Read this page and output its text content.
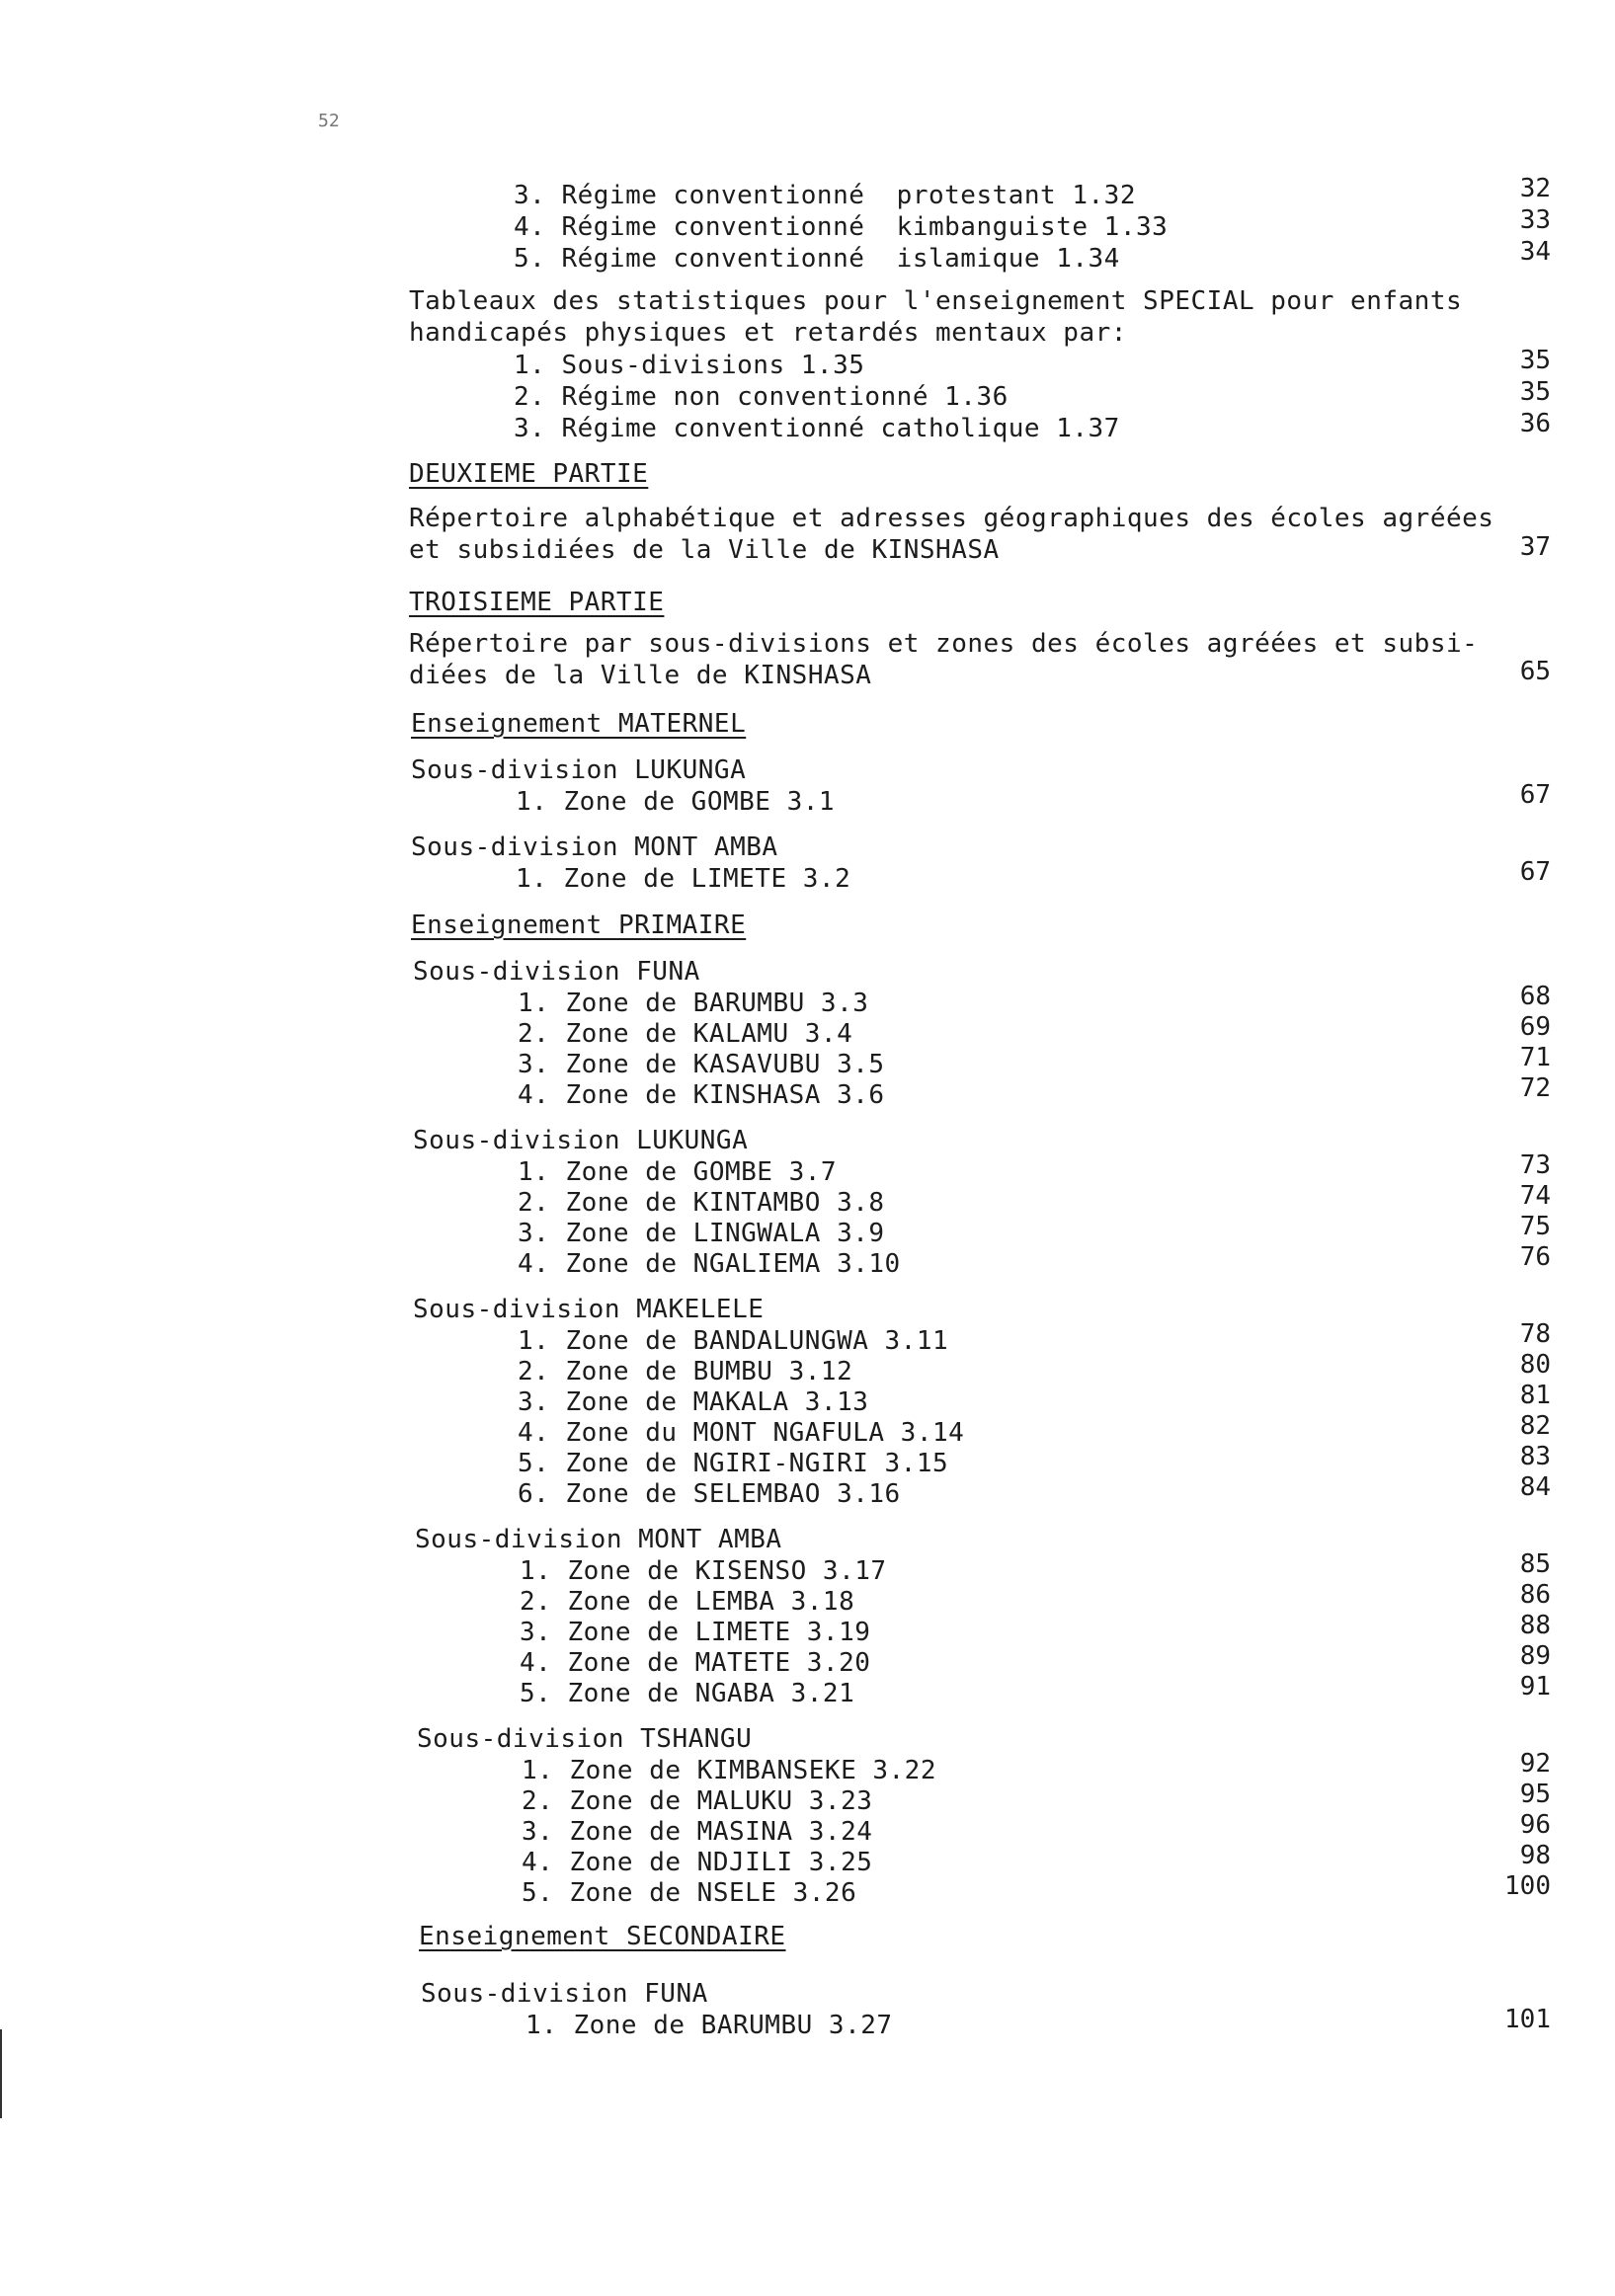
52
3. Régime conventionné  protestant 1.32	32
4. Régime conventionné  kimbanguiste 1.33	33
5. Régime conventionné  islamique 1.34	34
Tableaux des statistiques pour l'enseignement SPECIAL pour enfants
handicapés physiques et retardés mentaux par:
1. Sous-divisions 1.35	35
2. Régime non conventionné 1.36	35
3. Régime conventionné catholique 1.37	36
DEUXIEME PARTIE
Répertoire alphabétique et adresses géographiques des écoles agréées
et subsidiées de la Ville de KINSHASA	37
TROISIEME PARTIE
Répertoire par sous-divisions et zones des écoles agréées et subsi-
diées de la Ville de KINSHASA	65
Enseignement MATERNEL
Sous-division LUKUNGA
1. Zone de GOMBE 3.1	67
Sous-division MONT AMBA
1. Zone de LIMETE 3.2	67
Enseignement PRIMAIRE
Sous-division FUNA
1. Zone de BARUMBU 3.3	68
2. Zone de KALAMU 3.4	69
3. Zone de KASAVUBU 3.5	71
4. Zone de KINSHASA 3.6	72
Sous-division LUKUNGA
1. Zone de GOMBE 3.7	73
2. Zone de KINTAMBO 3.8	74
3. Zone de LINGWALA 3.9	75
4. Zone de NGALIEMA 3.10	76
Sous-division MAKELELE
1. Zone de BANDALUNGWA 3.11	78
2. Zone de BUMBU 3.12	80
3. Zone de MAKALA 3.13	81
4. Zone du MONT NGAFULA 3.14	82
5. Zone de NGIRI-NGIRI 3.15	83
6. Zone de SELEMBAO 3.16	84
Sous-division MONT AMBA
1. Zone de KISENSO 3.17	85
2. Zone de LEMBA 3.18	86
3. Zone de LIMETE 3.19	88
4. Zone de MATETE 3.20	89
5. Zone de NGABA 3.21	91
Sous-division TSHANGU
1. Zone de KIMBANSEKE 3.22	92
2. Zone de MALUKU 3.23	95
3. Zone de MASINA 3.24	96
4. Zone de NDJILI 3.25	98
5. Zone de NSELE 3.26	100
Enseignement SECONDAIRE
Sous-division FUNA
1. Zone de BARUMBU 3.27	101
